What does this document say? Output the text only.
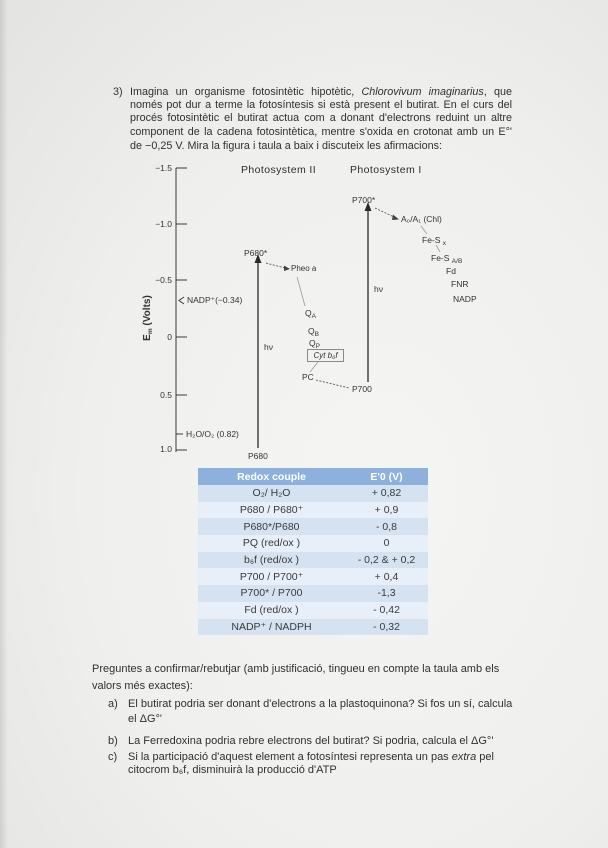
3) Imagina un organisme fotosintètic hipotètic, Chlorovivum imaginarius, que
només pot dur a terme la fotosíntesis si està present el butirat. En el curs del
procés fotosintètic el butirat actua com a donant d'electrons reduint un altre
component de la cadena fotosintètica, mentre s'oxida en crotonat amb un E°'
de −0,25 V. Mira la figura i taula a baix i discuteix les afirmacions:
$E_m$ (Volts)
−1.5
−1.0
−0.5
0
0.5
1.0
Photosystem II	Photosystem I
P700*
A₀/A₁ (Chl)
Fe-S $_x$
Fe-S $_{A/B}$
Fd
FNR
NADP
hν
P700
P680*
Pheo a
$Q_A$
$Q_B$
$Q_P$
Cyt b₆f
PC
hν
P680
NADP⁺(−0.34)
H₂O/O₂ (0.82)
Redox couple	E'0 (V)
O₂/ H₂O	+ 0,82
P680 / P680⁺	+ 0,9
P680*/P680	- 0,8
PQ (red/ox )	0
b₆f (red/ox )	- 0,2 & + 0,2
P700 / P700⁺	+ 0,4
P700* / P700	-1,3
Fd (red/ox )	- 0,42
NADP⁺ / NADPH	- 0,32
Preguntes a confirmar/rebutjar (amb justificació, tingueu en compte la taula amb els
valors més exactes):
a) El butirat podria ser donant d'electrons a la plastoquinona? Si fos un sí, calcula
el ΔG°'
b) La Ferredoxina podria rebre electrons del butirat? Si podria, calcula el ΔG°'
c) Si la participació d'aquest element a fotosíntesi representa un pas extra pel
citocrom b₆f, disminuirà la producció d'ATP
